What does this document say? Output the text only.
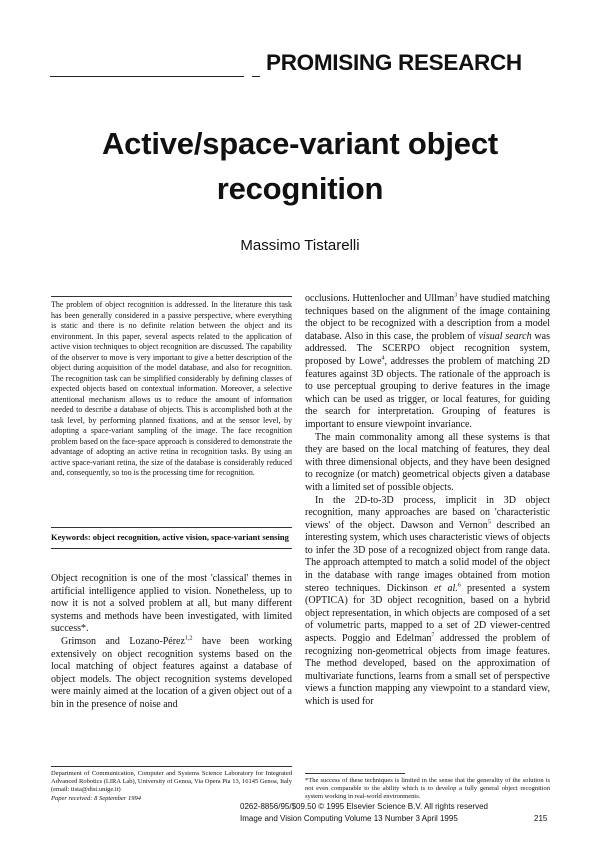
PROMISING RESEARCH
Active/space-variant object recognition
Massimo Tistarelli
The problem of object recognition is addressed. In the literature this task has been generally considered in a passive perspective, where everything is static and there is no definite relation between the object and its environment. In this paper, several aspects related to the application of active vision techniques to object recognition are discussed. The capability of the observer to move is very important to give a better description of the object during acquisition of the model database, and also for recognition. The recognition task can be simplified considerably by defining classes of expected objects based on contextual information. Moreover, a selective attentional mechanism allows us to reduce the amount of information needed to describe a database of objects. This is accomplished both at the task level, by performing planned fixations, and at the sensor level, by adopting a space-variant sampling of the image. The face recognition problem based on the face-space approach is considered to demonstrate the advantage of adopting an active retina in recognition tasks. By using an active space-variant retina, the size of the database is considerably reduced and, consequently, so too is the processing time for recognition.
Keywords: object recognition, active vision, space-variant sensing

Object recognition is one of the most 'classical' themes in artificial intelligence applied to vision. Nonetheless, up to now it is not a solved problem at all, but many different systems and methods have been investigated, with limited success*.

Grimson and Lozano-Pérez$^{1,2}$ have been working extensively on object recognition systems based on the local matching of object features against a database of object models. The object recognition systems developed were mainly aimed at the location of a given object out of a bin in the presence of noise and

Department of Communication, Computer and Systems Science Laboratory for Integrated Advanced Robotics (LIRA Lab), University of Genoa, Via Opera Pia 13, 16145 Genoa, Italy (email: tista@dist.unige.it)

Paper received: 8 September 1994

occlusions. Huttenlocher and Ullman$^3$ have studied matching techniques based on the alignment of the image containing the object to be recognized with a description from a model database. Also in this case, the problem of visual search was addressed. The SCERPO object recognition system, proposed by Lowe$^4$, addresses the problem of matching 2D features against 3D objects. The rationale of the approach is to use perceptual grouping to derive features in the image which can be used as trigger, or local features, for guiding the search for interpretation. Grouping of features is important to ensure viewpoint invariance.

The main commonality among all these systems is that they are based on the local matching of features, they deal with three dimensional objects, and they have been designed to recognize (or match) geometrical objects given a database with a limited set of possible objects.

In the 2D-to-3D process, implicit in 3D object recognition, many approaches are based on 'characteristic views' of the object. Dawson and Vernon$^5$ described an interesting system, which uses characteristic views of objects to infer the 3D pose of a recognized object from range data. The approach attempted to match a solid model of the object in the database with range images obtained from motion stereo techniques. Dickinson et al.$^6$ presented a system (OPTICA) for 3D object recognition, based on a hybrid object representation, in which objects are composed of a set of volumetric parts, mapped to a set of 2D viewer-centred aspects. Poggio and Edelman$^7$ addressed the problem of recognizing non-geometrical objects from image features. The method developed, based on the approximation of multivariate functions, learns from a small set of perspective views a function mapping any viewpoint to a standard view, which is used for

*The success of these techniques is limited in the sense that the generality of the solution is not even comparable to the ability which is to develop a fully general object recognition system working in real-world environments.
0262-8856/95/$09.50 © 1995 Elsevier Science B.V. All rights reserved
Image and Vision Computing Volume 13 Number 3 April 1995	215
